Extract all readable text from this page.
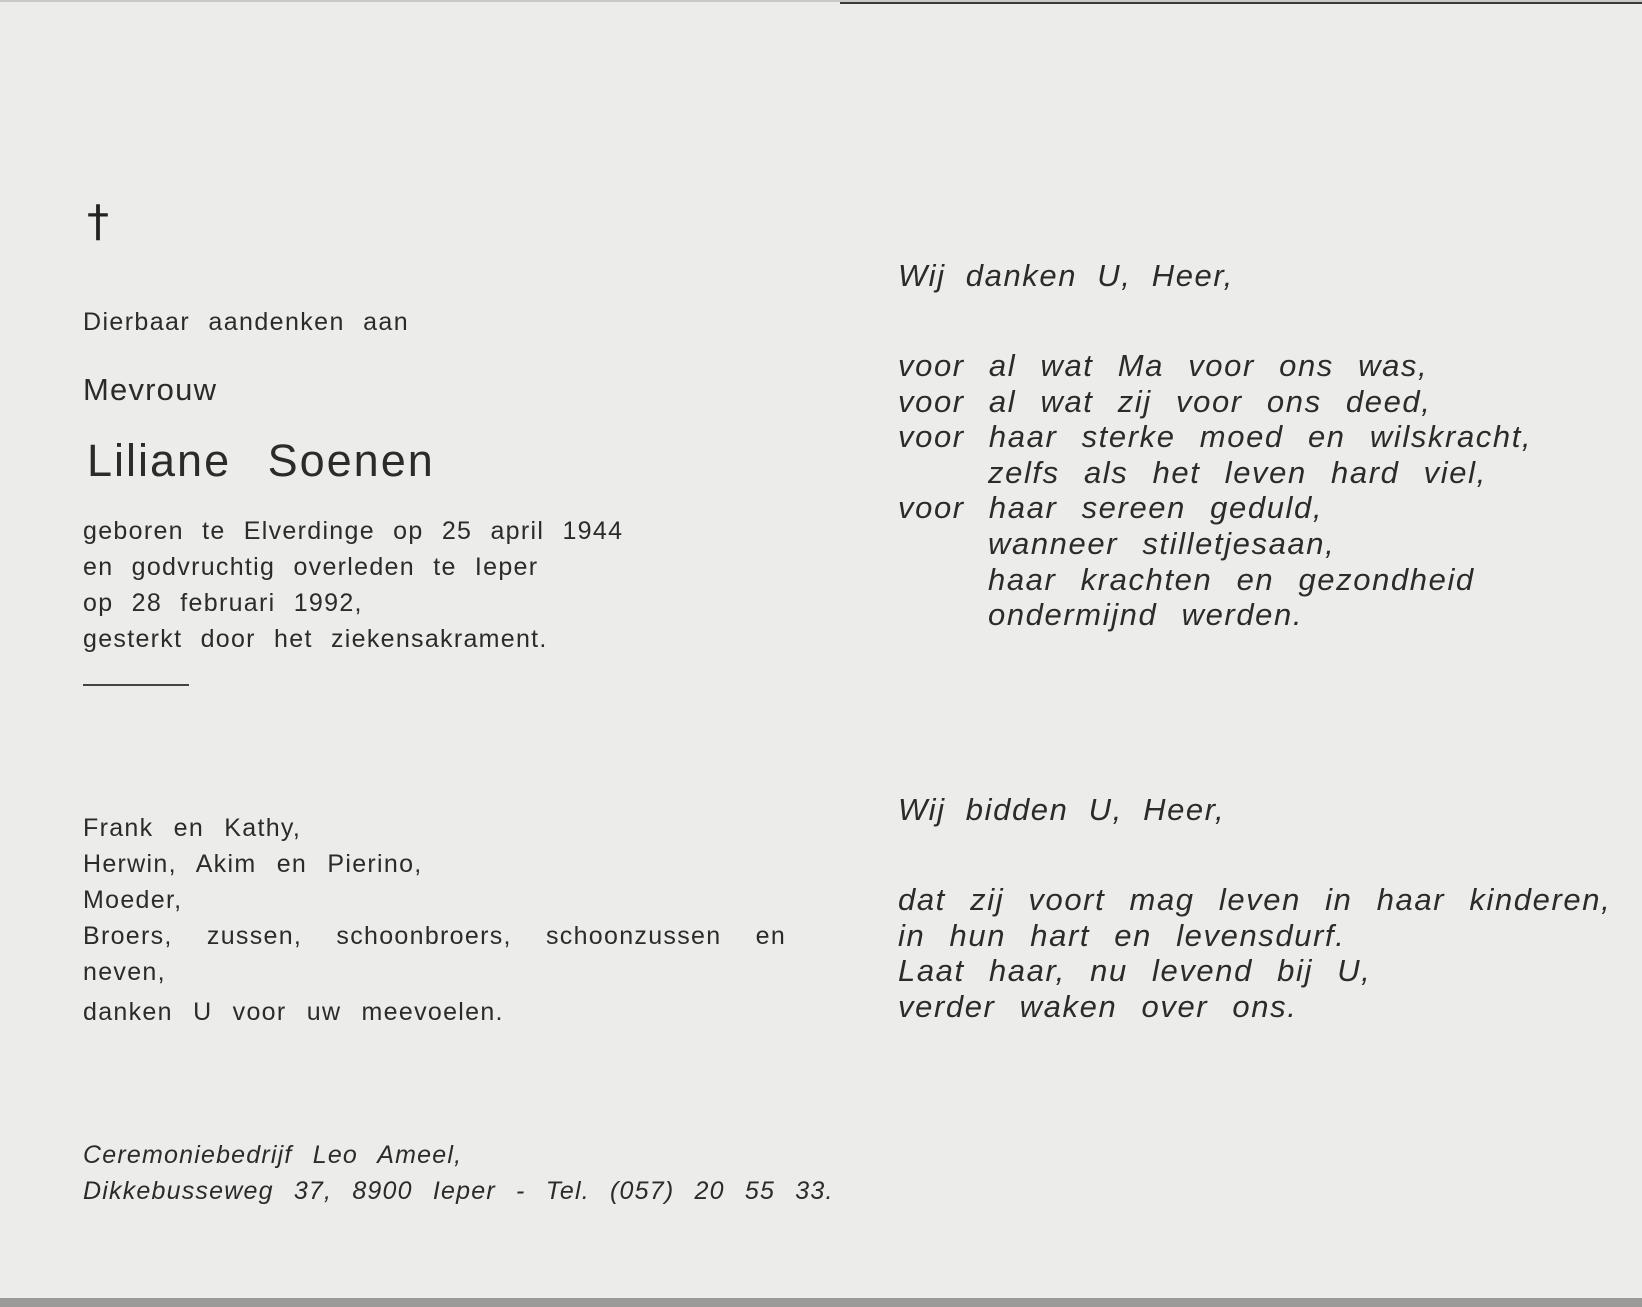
†
Dierbaar aandenken aan
Mevrouw
Liliane Soenen
geboren te Elverdinge op 25 april 1944
en godvruchtig overleden te Ieper
op 28 februari 1992,
gesterkt door het ziekensakrament.
Frank en Kathy,
Herwin, Akim en Pierino,
Moeder,
Broers, zussen, schoonbroers, schoonzussen en
neven,
danken U voor uw meevoelen.
Ceremoniebedrijf Leo Ameel,
Dikkebusseweg 37, 8900 Ieper - Tel. (057) 20 55 33.
Wij danken U, Heer,
voor al wat Ma voor ons was,
voor al wat zij voor ons deed,
voor haar sterke moed en wilskracht,
zelfs als het leven hard viel,
voor haar sereen geduld,
wanneer stilletjesaan,
haar krachten en gezondheid
ondermijnd werden.
Wij bidden U, Heer,
dat zij voort mag leven in haar kinderen,
in hun hart en levensdurf.
Laat haar, nu levend bij U,
verder waken over ons.
